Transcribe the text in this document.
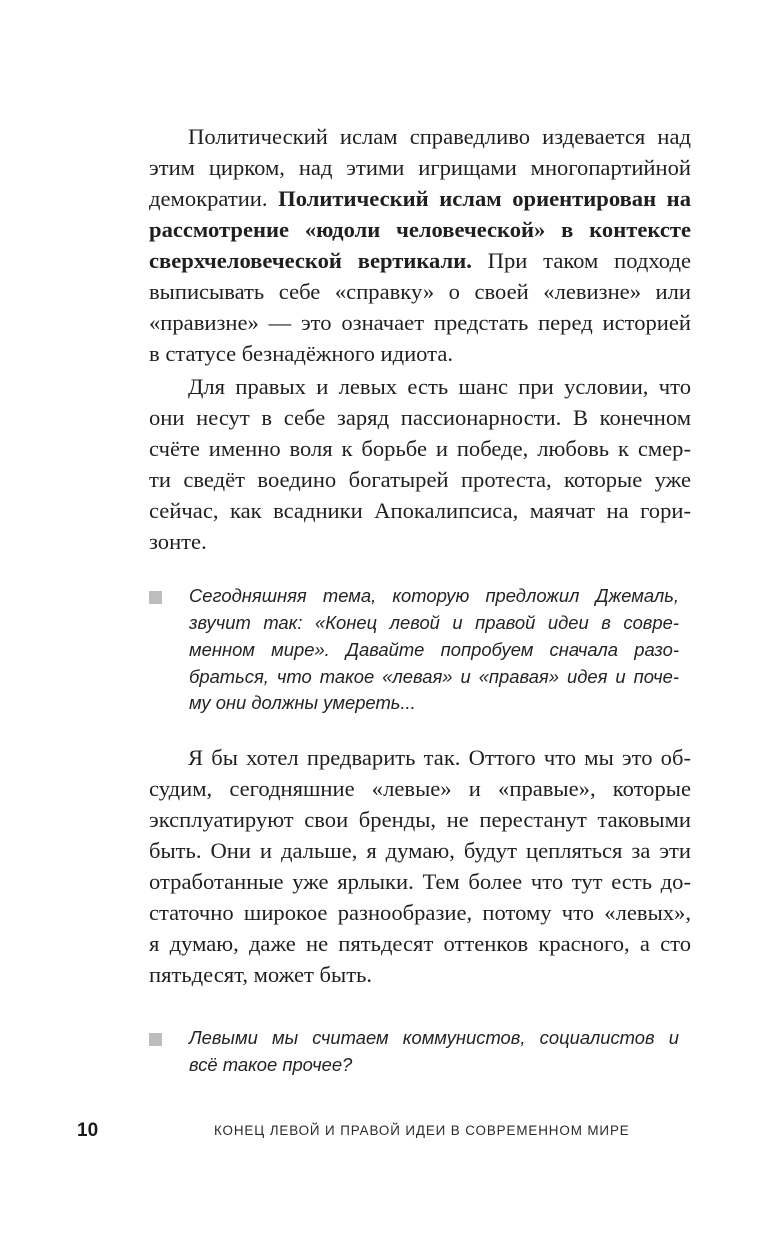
Политический ислам справедливо издевается над

этим цирком, над этими игрищами многопартийной

демократии. Политический ислам ориентирован на

рассмотрение «юдоли человеческой» в контексте

сверхчеловеческой вертикали. При таком подходе

выписывать себе «справку» о своей «левизне» или

«правизне» — это означает предстать перед историей

в статусе безнадёжного идиота.

Для правых и левых есть шанс при условии, что

они несут в себе заряд пассионарности. В конечном

счёте именно воля к борьбе и победе, любовь к смер-

ти сведёт воедино богатырей протеста, которые уже

сейчас, как всадники Апокалипсиса, маячат на гори-

зонте.

Сегодняшняя тема, которую предложил Джемаль,

звучит так: «Конец левой и правой идеи в совре-

менном мире». Давайте попробуем сначала разо-

браться, что такое «левая» и «правая» идея и поче-

му они должны умереть...

Я бы хотел предварить так. Оттого что мы это об-

судим, сегодняшние «левые» и «правые», которые

эксплуатируют свои бренды, не перестанут таковыми

быть. Они и дальше, я думаю, будут цепляться за эти

отработанные уже ярлыки. Тем более что тут есть до-

статочно широкое разнообразие, потому что «левых»,

я думаю, даже не пятьдесят оттенков красного, а сто

пятьдесят, может быть.

Левыми мы считаем коммунистов, социалистов и

всё такое прочее?

10	КОНЕЦ ЛЕВОЙ И ПРАВОЙ ИДЕИ В СОВРЕМЕННОМ МИРЕ
